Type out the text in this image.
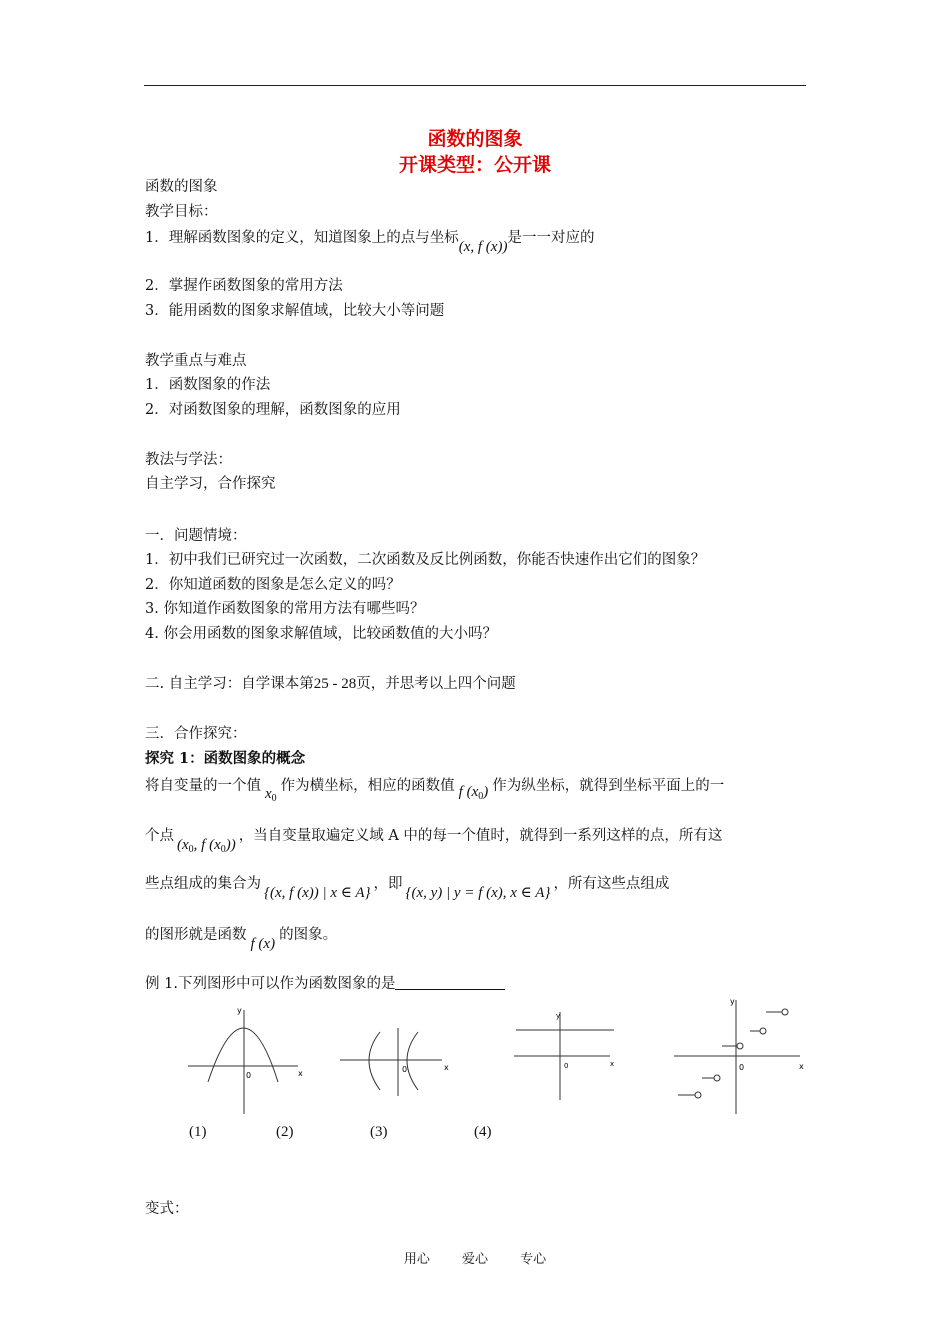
函数的图象
开课类型：公开课
函数的图象
教学目标：
1．理解函数图象的定义，知道图象上的点与坐标(x, f (x))是一一对应的
2．掌握作函数图象的常用方法
3．能用函数的图象求解值域，比较大小等问题
教学重点与难点
1．函数图象的作法
2．对函数图象的理解，函数图象的应用
教法与学法：
自主学习，合作探究
一．问题情境：
1．初中我们已研究过一次函数，二次函数及反比例函数，你能否快速作出它们的图象？
2．你知道函数的图象是怎么定义的吗？
3. 你知道作函数图象的常用方法有哪些吗？
4. 你会用函数的图象求解值域，比较函数值的大小吗？
二. 自主学习：自学课本第25 - 28页，并思考以上四个问题
三．合作探究：
探究 1：函数图象的概念
将自变量的一个值 $x_0$作为横坐标，相应的函数值 f $(x_0)$ 作为纵坐标，就得到坐标平面上的一
个点($x_0$, f $(x_0)$)，当自变量取遍定义域 A 中的每一个值时，就得到一系列这样的点，所有这
些点组成的集合为{(x, f (x)) | x ∈ A}，即{(x, y) | y = f (x), x ∈ A}，所有这些点组成
的图形就是函数f (x)的图象。
例 1.下列图形中可以作为函数图象的是
x
y
0
x
0
x
y
0	x
y
0
(1)	(2)	(3)	(4)
变式：
用心 爱心 专心
